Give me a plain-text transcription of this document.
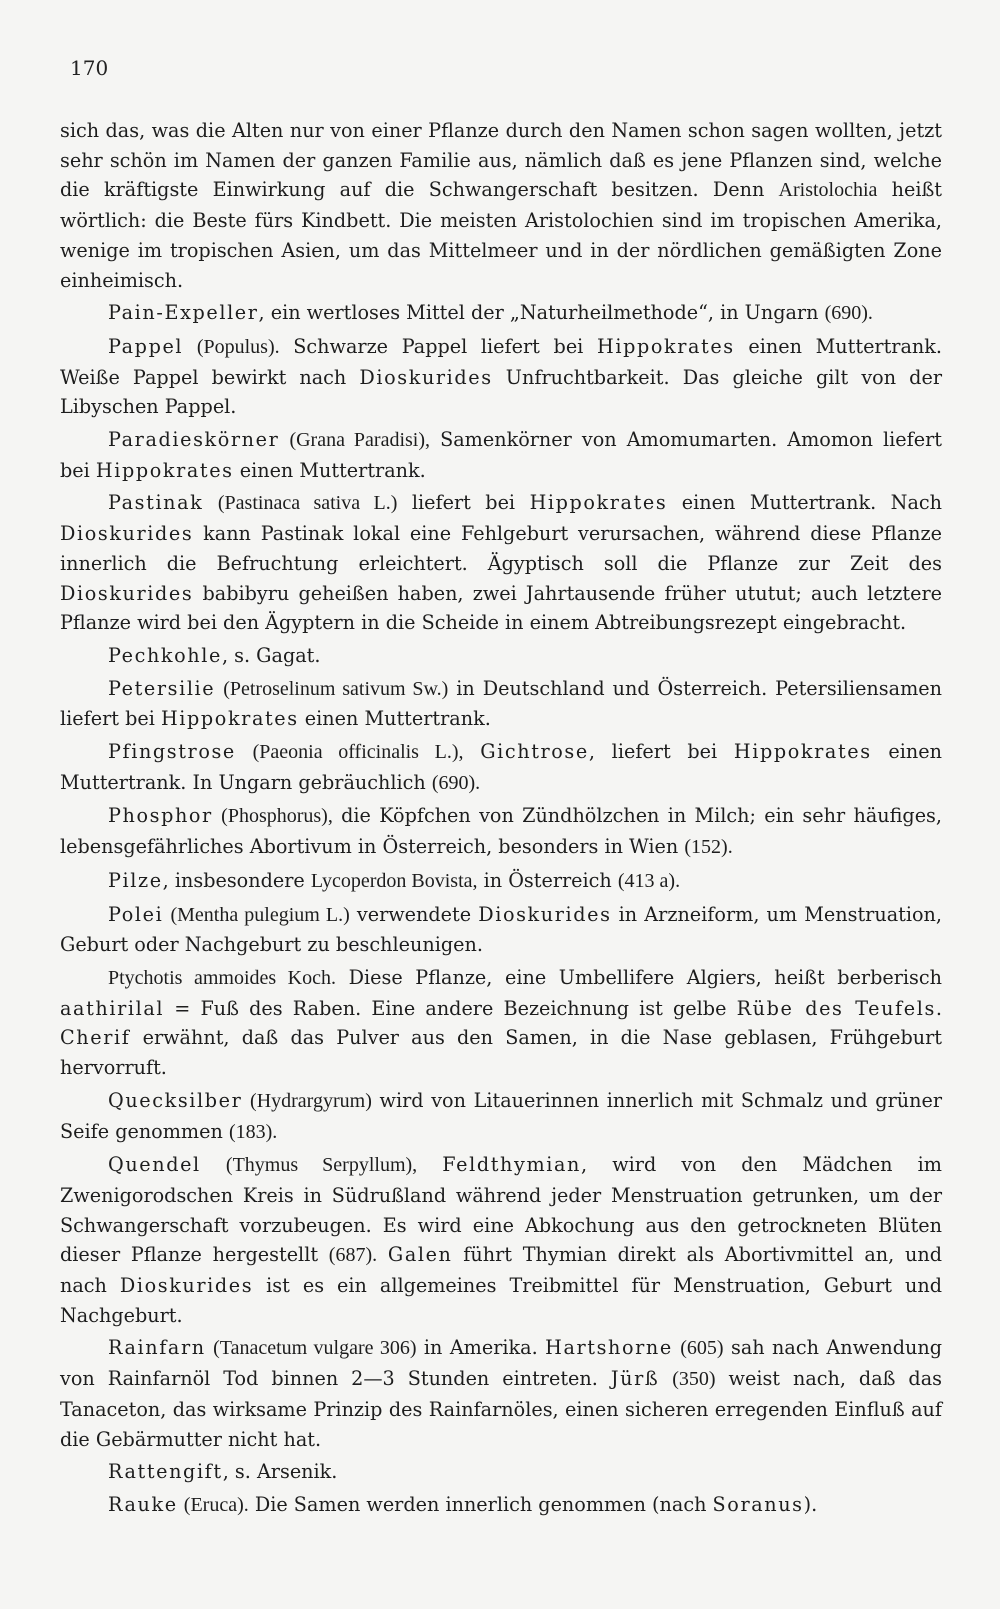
170

sich das, was die Alten nur von einer Pflanze durch den Namen schon sagen wollten, jetzt sehr schön im Namen der ganzen Familie aus, nämlich daß es jene Pflanzen sind, welche die kräftigste Einwirkung auf die Schwangerschaft besitzen. Denn Aristolochia heißt wörtlich: die Beste fürs Kindbett. Die meisten Aristolochien sind im tropischen Amerika, wenige im tropischen Asien, um das Mittelmeer und in der nördlichen gemäßigten Zone einheimisch.

Pain-Expeller, ein wertloses Mittel der „Naturheilmethode“, in Ungarn (690).

Pappel (Populus). Schwarze Pappel liefert bei Hippokrates einen Muttertrank. Weiße Pappel bewirkt nach Dioskurides Unfruchtbarkeit. Das gleiche gilt von der Libyschen Pappel.

Paradieskörner (Grana Paradisi), Samenkörner von Amomumarten. Amomon liefert bei Hippokrates einen Muttertrank.

Pastinak (Pastinaca sativa L.) liefert bei Hippokrates einen Muttertrank. Nach Dioskurides kann Pastinak lokal eine Fehlgeburt verursachen, während diese Pflanze innerlich die Befruchtung erleichtert. Ägyptisch soll die Pflanze zur Zeit des Dioskurides babibyru geheißen haben, zwei Jahrtausende früher ututut; auch letztere Pflanze wird bei den Ägyptern in die Scheide in einem Abtreibungsrezept eingebracht.

Pechkohle, s. Gagat.

Petersilie (Petroselinum sativum Sw.) in Deutschland und Österreich. Petersiliensamen liefert bei Hippokrates einen Muttertrank.

Pfingstrose (Paeonia officinalis L.), Gichtrose, liefert bei Hippokrates einen Muttertrank. In Ungarn gebräuchlich (690).

Phosphor (Phosphorus), die Köpfchen von Zündhölzchen in Milch; ein sehr häufiges, lebensgefährliches Abortivum in Österreich, besonders in Wien (152).

Pilze, insbesondere Lycoperdon Bovista, in Österreich (413 a).

Polei (Mentha pulegium L.) verwendete Dioskurides in Arzneiform, um Menstruation, Geburt oder Nachgeburt zu beschleunigen.

Ptychotis ammoides Koch. Diese Pflanze, eine Umbellifere Algiers, heißt berberisch aathirilal = Fuß des Raben. Eine andere Bezeichnung ist gelbe Rübe des Teufels. Cherif erwähnt, daß das Pulver aus den Samen, in die Nase geblasen, Frühgeburt hervorruft.

Quecksilber (Hydrargyrum) wird von Litauerinnen innerlich mit Schmalz und grüner Seife genommen (183).

Quendel (Thymus Serpyllum), Feldthymian, wird von den Mädchen im Zwenigorodschen Kreis in Südrußland während jeder Menstruation getrunken, um der Schwangerschaft vorzubeugen. Es wird eine Abkochung aus den getrockneten Blüten dieser Pflanze hergestellt (687). Galen führt Thymian direkt als Abortivmittel an, und nach Dioskurides ist es ein allgemeines Treibmittel für Menstruation, Geburt und Nachgeburt.

Rainfarn (Tanacetum vulgare 306) in Amerika. Hartshorne (605) sah nach Anwendung von Rainfarnöl Tod binnen 2—3 Stunden eintreten. Jürß (350) weist nach, daß das Tanaceton, das wirksame Prinzip des Rainfarnöles, einen sicheren erregenden Einfluß auf die Gebärmutter nicht hat.

Rattengift, s. Arsenik.

Rauke (Eruca). Die Samen werden innerlich genommen (nach Soranus).
